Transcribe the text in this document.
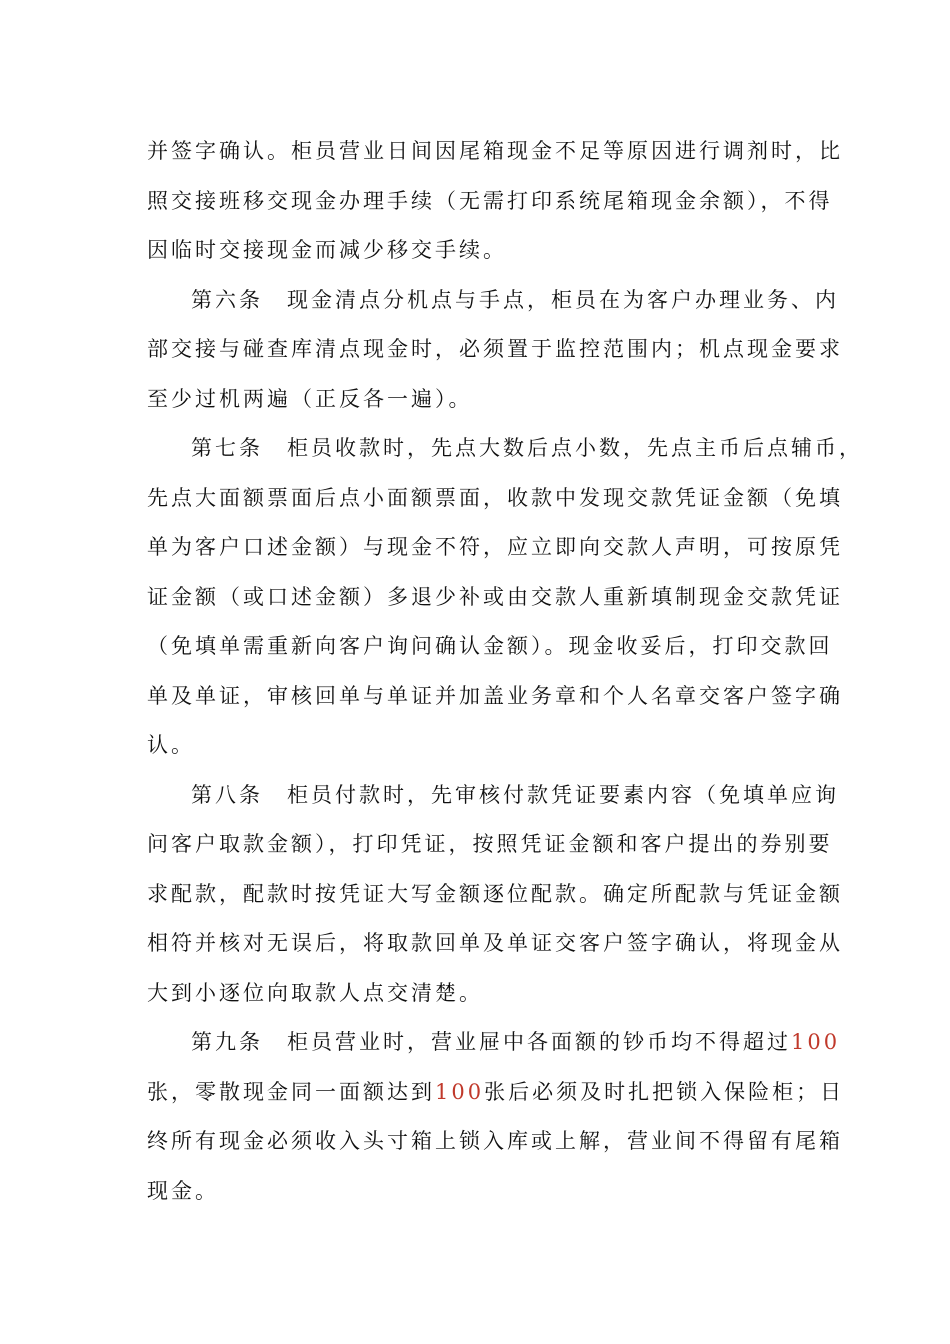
并签字确认。柜员营业日间因尾箱现金不足等原因进行调剂时，比
照交接班移交现金办理手续（无需打印系统尾箱现金余额），不得
因临时交接现金而减少移交手续。
第六条　现金清点分机点与手点，柜员在为客户办理业务、内
部交接与碰查库清点现金时，必须置于监控范围内；机点现金要求
至少过机两遍（正反各一遍）。
第七条　柜员收款时，先点大数后点小数，先点主币后点辅币，
先点大面额票面后点小面额票面，收款中发现交款凭证金额（免填
单为客户口述金额）与现金不符，应立即向交款人声明，可按原凭
证金额（或口述金额）多退少补或由交款人重新填制现金交款凭证
（免填单需重新向客户询问确认金额）。现金收妥后，打印交款回
单及单证，审核回单与单证并加盖业务章和个人名章交客户签字确
认。
第八条　柜员付款时，先审核付款凭证要素内容（免填单应询
问客户取款金额），打印凭证，按照凭证金额和客户提出的券别要
求配款，配款时按凭证大写金额逐位配款。确定所配款与凭证金额
相符并核对无误后，将取款回单及单证交客户签字确认，将现金从
大到小逐位向取款人点交清楚。
第九条　柜员营业时，营业屉中各面额的钞币均不得超过100
张，零散现金同一面额达到100张后必须及时扎把锁入保险柜；日
终所有现金必须收入头寸箱上锁入库或上解，营业间不得留有尾箱
现金。
